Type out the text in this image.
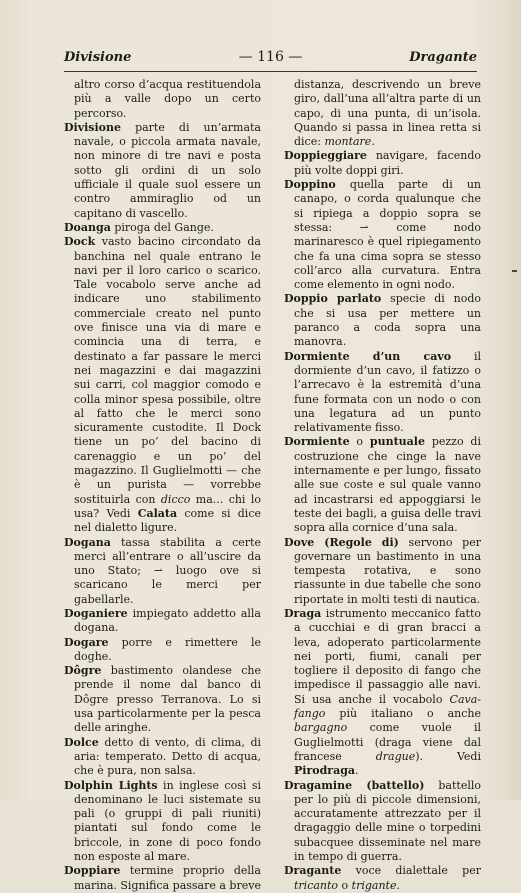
Divisione	— 116 —	Dragante

altro corso d’acqua restituendola più a valle dopo un certo percorso.

Divisione parte di un’armata navale, o piccola armata navale, non minore di tre navi e posta sotto gli ordini di un solo ufficiale il quale suol essere un contro ammiraglio od un capitano di vascello.

Doanga piroga del Gange.

Dock vasto bacino circondato da banchina nel quale entrano le navi per il loro carico o scarico. Tale vocabolo serve anche ad indicare uno stabilimento commerciale creato nel punto ove finisce una via di mare e comincia una di terra, e destinato a far passare le merci nei magazzini e dai magazzini sui carri, col maggior comodo e colla minor spesa possibile, oltre al fatto che le merci sono sicuramente custodite. Il Dock tiene un po’ del bacino di carenaggio e un po’ del magazzino. Il Guglielmotti — che è un purista — vorrebbe sostituirla con dicco ma... chi lo usa? Vedi Calata come si dice nel dialetto ligure.

Dogana tassa stabilita a certe merci all’entrare o all’uscire da uno Stato; ⇀ luogo ove si scaricano le merci per gabellarle.

Doganiere impiegato addetto alla dogana.

Dogare porre e rimettere le doghe.

Dôgre bastimento olandese che prende il nome dal banco di Dôgre presso Terranova. Lo si usa particolarmente per la pesca delle aringhe.

Dolce detto di vento, di clima, di aria: temperato. Detto di acqua, che è pura, non salsa.

Dolphin Lights in inglese così si denominano le luci sistemate su pali (o gruppi di pali riuniti) piantati sul fondo come le briccole, in zone di poco fondo non esposte al mare.

Doppiare termine proprio della marina. Significa passare a breve

distanza, descrivendo un breve giro, dall’una all’altra parte di un capo, di una punta, di un’isola. Quando si passa in linea retta si dice: montare.

Doppieggiare navigare, facendo più volte doppi giri.

Doppino quella parte di un canapo, o corda qualunque che si ripiega a doppio sopra se stessa: ⇀ come nodo marinaresco è quel ripiegamento che fa una cima sopra se stesso coll’arco alla curvatura. Entra come elemento in ogni nodo.

Doppio parlato specie di nodo che si usa per mettere un paranco a coda sopra una manovra.

Dormiente d’un cavo il dormiente d’un cavo, il fatizzo o l’arrecavo è la estremità d’una fune formata con un nodo o con una legatura ad un punto relativamente fisso.

Dormiente o puntuale pezzo di costruzione che cinge la nave internamente e per lungo, fissato alle sue coste e sul quale vanno ad incastrarsi ed appoggiarsi le teste dei bagli, a guisa delle travi sopra alla cornice d’una sala.

Dove (Regole di) servono per governare un bastimento in una tempesta rotativa, e sono riassunte in due tabelle che sono riportate in molti testi di nautica.

Draga istrumento meccanico fatto a cucchiai e di gran bracci a leva, adoperato particolarmente nei porti, fiumi, canali per togliere il deposito di fango che impedisce il passaggio alle navi. Si usa anche il vocabolo Cava-fango più italiano o anche bargagno come vuole il Guglielmotti (draga viene dal francese drague). Vedi Pirodraga.

Dragamine (battello) battello per lo più di piccole dimensioni, accuratamente attrezzato per il dragaggio delle mine o torpedini subacquee disseminate nel mare in tempo di guerra.

Dragante voce dialettale per tricanto o trigante.
